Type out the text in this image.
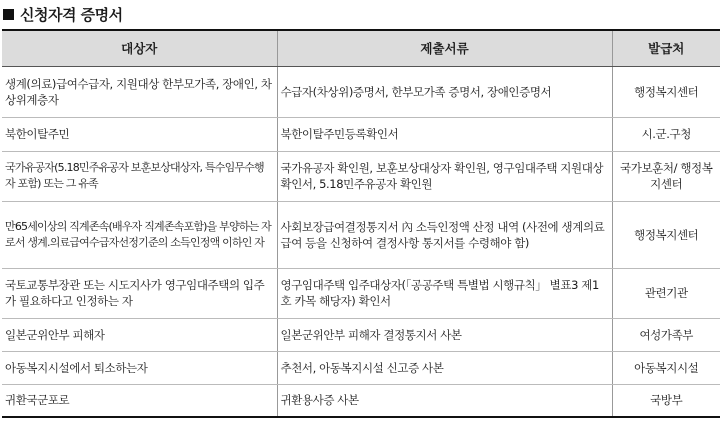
신청자격 증명서
대상자	제출서류	발급처
생계(의료)급여수급자, 지원대상 한부모가족, 장애인, 차상위계층자	수급자(차상위)증명서, 한부모가족 증명서, 장애인증명서	행정복지센터
북한이탈주민	북한이탈주민등록확인서	시.군.구청
국가유공자(5.18민주유공자 보훈보상대상자, 특수임무수행자 포함) 또는 그 유족	국가유공자 확인원, 보훈보상대상자 확인원, 영구임대주택 지원대상 확인서, 5.18민주유공자 확인원	국가보훈처/ 행정복지센터
만65세이상의 직계존속(배우자 직계존속포함)을 부양하는 자로서 생계.의료급여수급자선정기준의 소득인정액 이하인 자	사회보장급여결정통지서 內 소득인정액 산정 내역 (사전에 생계의료급여 등을 신청하여 결정사항 통지서를 수령해야 함)	행정복지센터
국토교통부장관 또는 시도지사가 영구임대주택의 입주가 필요하다고 인정하는 자	영구임대주택 입주대상자(「공공주택 특별법 시행규칙」 별표3 제1호 카목 해당자) 확인서	관련기관
일본군위안부 피해자	일본군위안부 피해자 결정통지서 사본	여성가족부
아동복지시설에서 퇴소하는자	추천서, 아동복지시설 신고증 사본	아동복지시설
귀환국군포로	귀환용사증 사본	국방부
